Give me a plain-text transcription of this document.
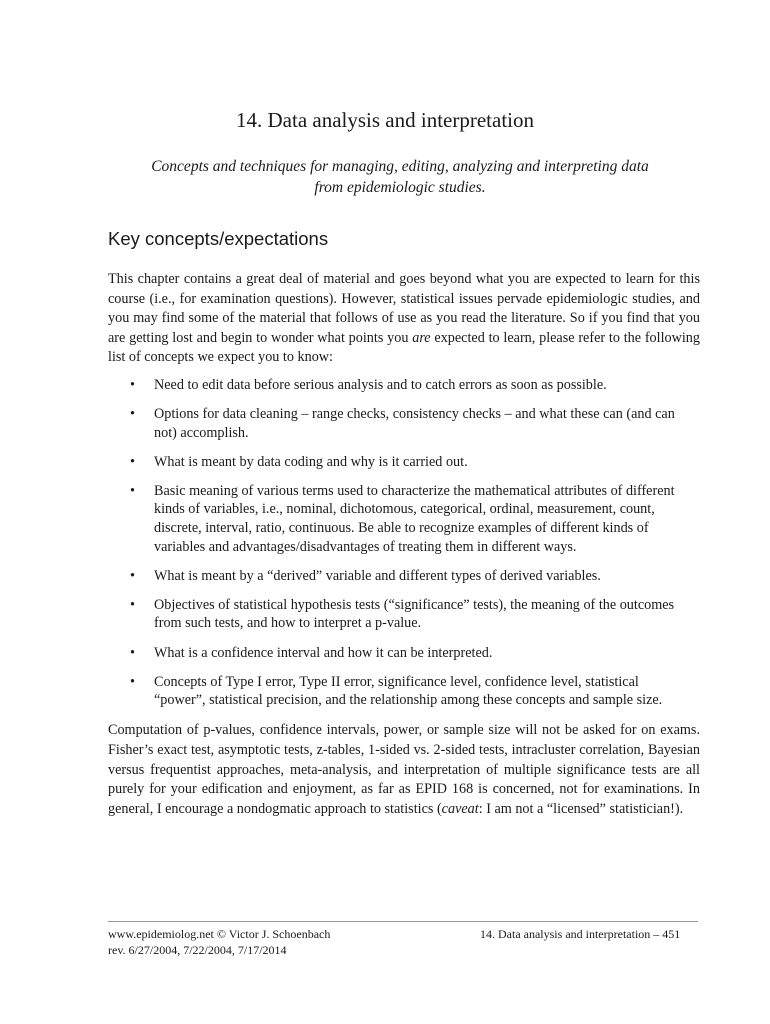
14. Data analysis and interpretation

Concepts and techniques for managing, editing, analyzing and interpreting data from epidemiologic studies.

Key concepts/expectations

This chapter contains a great deal of material and goes beyond what you are expected to learn for this course (i.e., for examination questions). However, statistical issues pervade epidemiologic studies, and you may find some of the material that follows of use as you read the literature. So if you find that you are getting lost and begin to wonder what points you are expected to learn, please refer to the following list of concepts we expect you to know:

• Need to edit data before serious analysis and to catch errors as soon as possible.
• Options for data cleaning – range checks, consistency checks – and what these can (and can not) accomplish.
• What is meant by data coding and why is it carried out.
• Basic meaning of various terms used to characterize the mathematical attributes of different kinds of variables, i.e., nominal, dichotomous, categorical, ordinal, measurement, count, discrete, interval, ratio, continuous. Be able to recognize examples of different kinds of variables and advantages/disadvantages of treating them in different ways.
• What is meant by a “derived” variable and different types of derived variables.
• Objectives of statistical hypothesis tests (“significance” tests), the meaning of the outcomes from such tests, and how to interpret a p-value.
• What is a confidence interval and how it can be interpreted.
• Concepts of Type I error, Type II error, significance level, confidence level, statistical “power”, statistical precision, and the relationship among these concepts and sample size.

Computation of p-values, confidence intervals, power, or sample size will not be asked for on exams. Fisher’s exact test, asymptotic tests, z-tables, 1-sided vs. 2-sided tests, intracluster correlation, Bayesian versus frequentist approaches, meta-analysis, and interpretation of multiple significance tests are all purely for your edification and enjoyment, as far as EPID 168 is concerned, not for examinations. In general, I encourage a nondogmatic approach to statistics (caveat: I am not a “licensed” statistician!).

www.epidemiolog.net © Victor J. Schoenbach
rev. 6/27/2004, 7/22/2004, 7/17/2014
14. Data analysis and interpretation – 451
